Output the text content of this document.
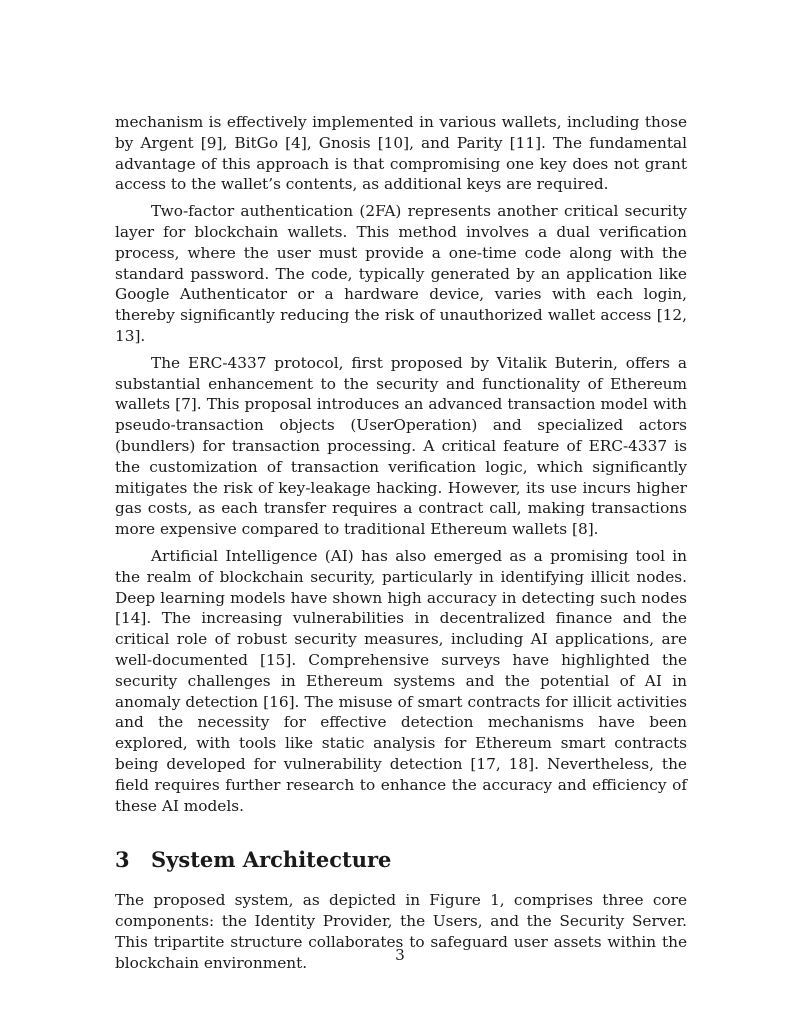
mechanism is effectively implemented in various wallets, including those by Argent [9], BitGo [4], Gnosis [10], and Parity [11]. The fundamental advantage of this approach is that compromising one key does not grant access to the wallet’s contents, as additional keys are required.

Two-factor authentication (2FA) represents another critical security layer for blockchain wallets. This method involves a dual verification process, where the user must provide a one-time code along with the standard password. The code, typically generated by an application like Google Authenticator or a hardware device, varies with each login, thereby significantly reducing the risk of unauthorized wallet access [12, 13].

The ERC-4337 protocol, first proposed by Vitalik Buterin, offers a substantial enhancement to the security and functionality of Ethereum wallets [7]. This proposal introduces an advanced transaction model with pseudo-transaction objects (UserOperation) and specialized actors (bundlers) for transaction processing. A critical feature of ERC-4337 is the customization of transaction verification logic, which significantly mitigates the risk of key-leakage hacking. However, its use incurs higher gas costs, as each transfer requires a contract call, making transactions more expensive compared to traditional Ethereum wallets [8].

Artificial Intelligence (AI) has also emerged as a promising tool in the realm of blockchain security, particularly in identifying illicit nodes. Deep learning models have shown high accuracy in detecting such nodes [14]. The increasing vulnerabilities in decentralized finance and the critical role of robust security measures, including AI applications, are well-documented [15]. Comprehensive surveys have highlighted the security challenges in Ethereum systems and the potential of AI in anomaly detection [16]. The misuse of smart contracts for illicit activities and the necessity for effective detection mechanisms have been explored, with tools like static analysis for Ethereum smart contracts being developed for vulnerability detection [17, 18]. Nevertheless, the field requires further research to enhance the accuracy and efficiency of these AI models.

3 System Architecture

The proposed system, as depicted in Figure 1, comprises three core components: the Identity Provider, the Users, and the Security Server. This tripartite structure collaborates to safeguard user assets within the blockchain environment.	3
